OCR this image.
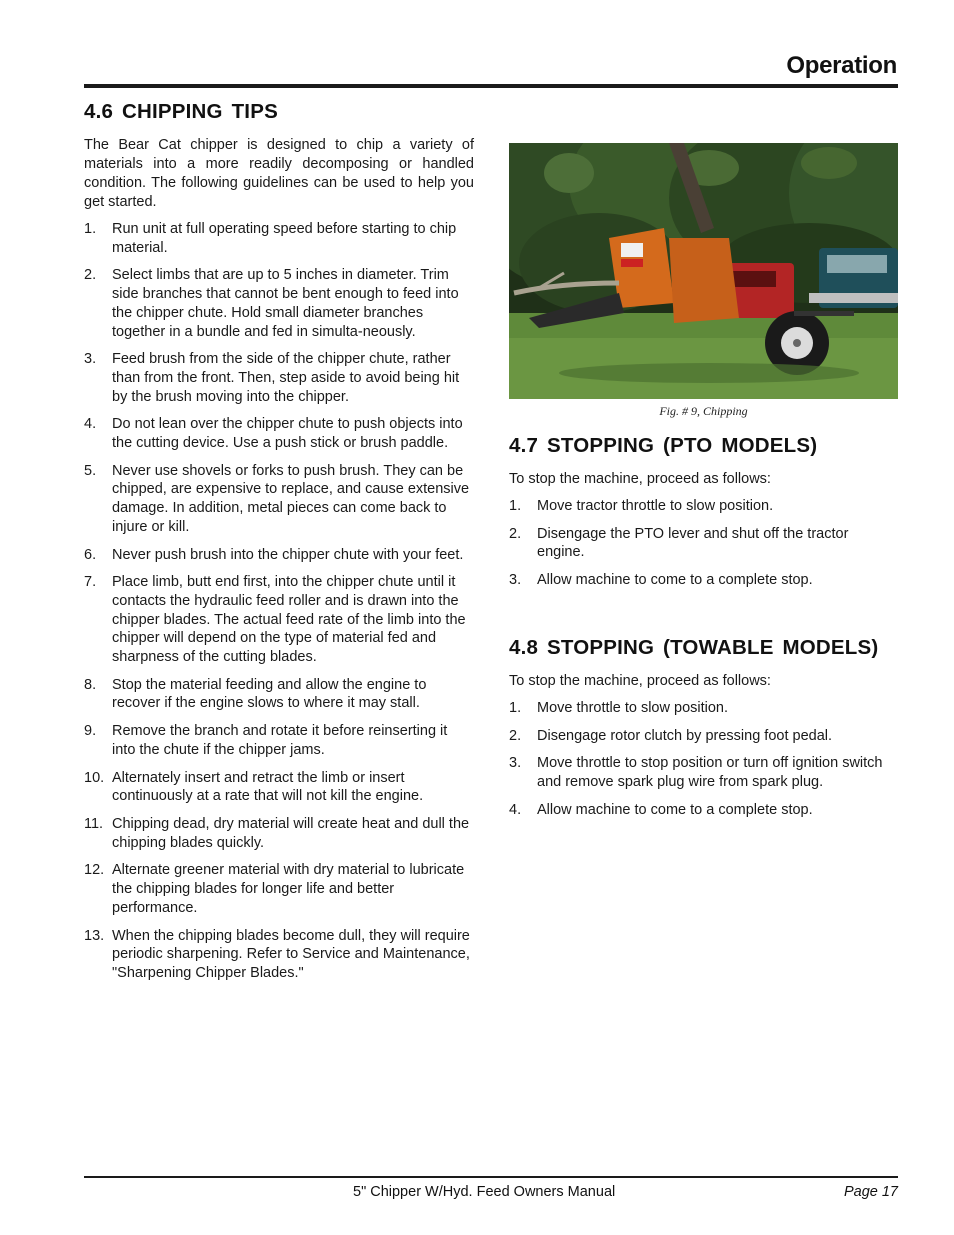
Operation
4.6 CHIPPING TIPS

The Bear Cat chipper is designed to chip a variety of materials into a more readily decomposing or handled condition. The following guidelines can be used to help you get started.

1. Run unit at full operating speed before starting to chip material.
2. Select limbs that are up to 5 inches in diameter. Trim side branches that cannot be bent enough to feed into the chipper chute. Hold small diameter branches together in a bundle and fed in simulta-neously.
3. Feed brush from the side of the chipper chute, rather than from the front. Then, step aside to avoid being hit by the brush moving into the chipper.
4. Do not lean over the chipper chute to push objects into the cutting device. Use a push stick or brush paddle.
5. Never use shovels or forks to push brush. They can be chipped, are expensive to replace, and cause extensive damage. In addition, metal pieces can come back to injure or kill.
6. Never push brush into the chipper chute with your feet.
7. Place limb, butt end first, into the chipper chute until it contacts the hydraulic feed roller and is drawn into the chipper blades. The actual feed rate of the limb into the chipper will depend on the type of material fed and sharpness of the cutting blades.
8. Stop the material feeding and allow the engine to recover if the engine slows to where it may stall.
9. Remove the branch and rotate it before reinserting it into the chute if the chipper jams.
10. Alternately insert and retract the limb or insert continuously at a rate that will not kill the engine.
11. Chipping dead, dry material will create heat and dull the chipping blades quickly.
12. Alternate greener material with dry material to lubricate the chipping blades for longer life and better performance.
13. When the chipping blades become dull, they will require periodic sharpening. Refer to Service and Maintenance, "Sharpening Chipper Blades."
Fig. # 9, Chipping
4.7 STOPPING (PTO MODELS)

To stop the machine, proceed as follows:

1. Move tractor throttle to slow position.
2. Disengage the PTO lever and shut off the tractor engine.
3. Allow machine to come to a complete stop.
4.8 STOPPING (TOWABLE MODELS)

To stop the machine, proceed as follows:

1. Move throttle to slow position.
2. Disengage rotor clutch by pressing foot pedal.
3. Move throttle to stop position or turn off ignition switch and remove spark plug wire from spark plug.
4. Allow machine to come to a complete stop.
5" Chipper W/Hyd. Feed Owners Manual	Page 17
